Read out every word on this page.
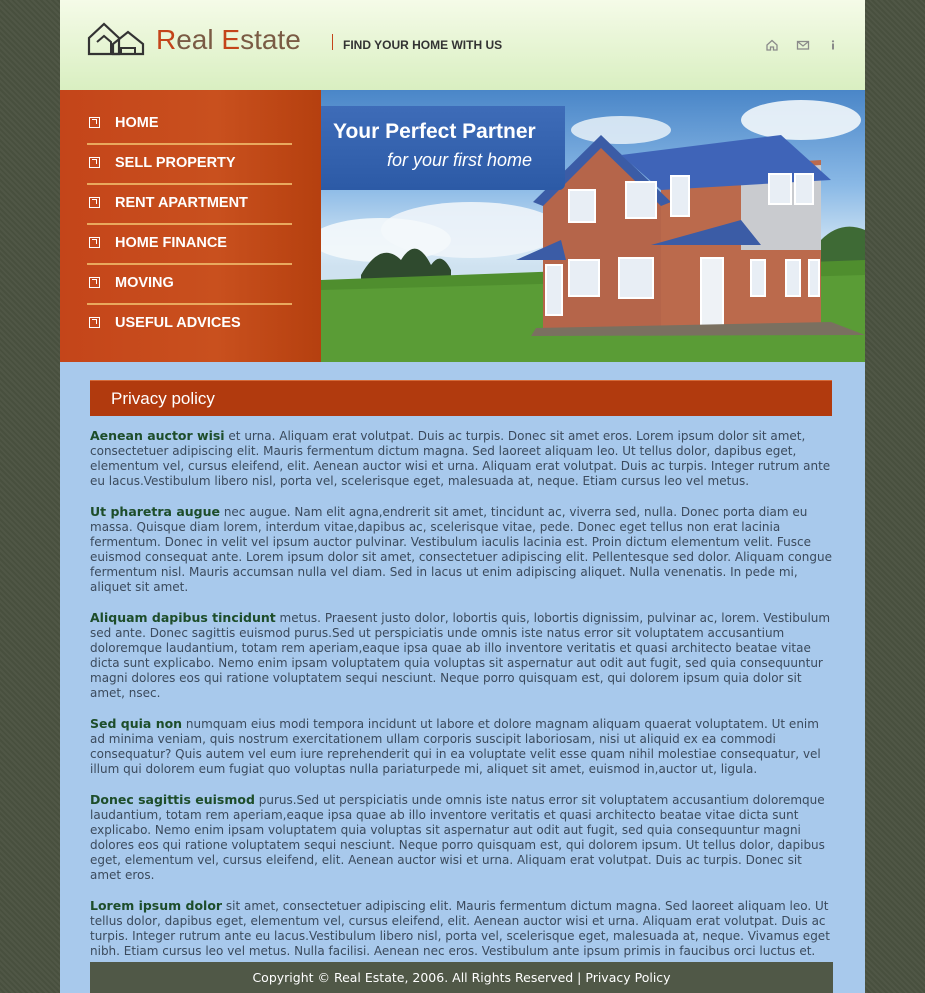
Real Estate	FIND YOUR HOME WITH US
HOME
SELL PROPERTY
RENT APARTMENT
HOME FINANCE
MOVING
USEFUL ADVICES
Your Perfect Partner
for your first home
Privacy policy

Aenean auctor wisi et urna. Aliquam erat volutpat. Duis ac turpis. Donec sit amet eros. Lorem ipsum dolor sit amet, consectetuer adipiscing elit. Mauris fermentum dictum magna. Sed laoreet aliquam leo. Ut tellus dolor, dapibus eget, elementum vel, cursus eleifend, elit. Aenean auctor wisi et urna. Aliquam erat volutpat. Duis ac turpis. Integer rutrum ante eu lacus.Vestibulum libero nisl, porta vel, scelerisque eget, malesuada at, neque. Etiam cursus leo vel metus.

Ut pharetra augue nec augue. Nam elit agna,endrerit sit amet, tincidunt ac, viverra sed, nulla. Donec porta diam eu massa. Quisque diam lorem, interdum vitae,dapibus ac, scelerisque vitae, pede. Donec eget tellus non erat lacinia fermentum. Donec in velit vel ipsum auctor pulvinar. Vestibulum iaculis lacinia est. Proin dictum elementum velit. Fusce euismod consequat ante. Lorem ipsum dolor sit amet, consectetuer adipiscing elit. Pellentesque sed dolor. Aliquam congue fermentum nisl. Mauris accumsan nulla vel diam. Sed in lacus ut enim adipiscing aliquet. Nulla venenatis. In pede mi, aliquet sit amet.

Aliquam dapibus tincidunt metus. Praesent justo dolor, lobortis quis, lobortis dignissim, pulvinar ac, lorem. Vestibulum sed ante. Donec sagittis euismod purus.Sed ut perspiciatis unde omnis iste natus error sit voluptatem accusantium doloremque laudantium, totam rem aperiam,eaque ipsa quae ab illo inventore veritatis et quasi architecto beatae vitae dicta sunt explicabo. Nemo enim ipsam voluptatem quia voluptas sit aspernatur aut odit aut fugit, sed quia consequuntur magni dolores eos qui ratione voluptatem sequi nesciunt. Neque porro quisquam est, qui dolorem ipsum quia dolor sit amet, nsec.

Sed quia non numquam eius modi tempora incidunt ut labore et dolore magnam aliquam quaerat voluptatem. Ut enim ad minima veniam, quis nostrum exercitationem ullam corporis suscipit laboriosam, nisi ut aliquid ex ea commodi consequatur? Quis autem vel eum iure reprehenderit qui in ea voluptate velit esse quam nihil molestiae consequatur, vel illum qui dolorem eum fugiat quo voluptas nulla pariaturpede mi, aliquet sit amet, euismod in,auctor ut, ligula.

Donec sagittis euismod purus.Sed ut perspiciatis unde omnis iste natus error sit voluptatem accusantium doloremque laudantium, totam rem aperiam,eaque ipsa quae ab illo inventore veritatis et quasi architecto beatae vitae dicta sunt explicabo. Nemo enim ipsam voluptatem quia voluptas sit aspernatur aut odit aut fugit, sed quia consequuntur magni dolores eos qui ratione voluptatem sequi nesciunt. Neque porro quisquam est, qui dolorem ipsum. Ut tellus dolor, dapibus eget, elementum vel, cursus eleifend, elit. Aenean auctor wisi et urna. Aliquam erat volutpat. Duis ac turpis. Donec sit amet eros.

Lorem ipsum dolor sit amet, consectetuer adipiscing elit. Mauris fermentum dictum magna. Sed laoreet aliquam leo. Ut tellus dolor, dapibus eget, elementum vel, cursus eleifend, elit. Aenean auctor wisi et urna. Aliquam erat volutpat. Duis ac turpis. Integer rutrum ante eu lacus.Vestibulum libero nisl, porta vel, scelerisque eget, malesuada at, neque. Vivamus eget nibh. Etiam cursus leo vel metus. Nulla facilisi. Aenean nec eros. Vestibulum ante ipsum primis in faucibus orci luctus et.

Copyright © Real Estate, 2006. All Rights Reserved | Privacy Policy
